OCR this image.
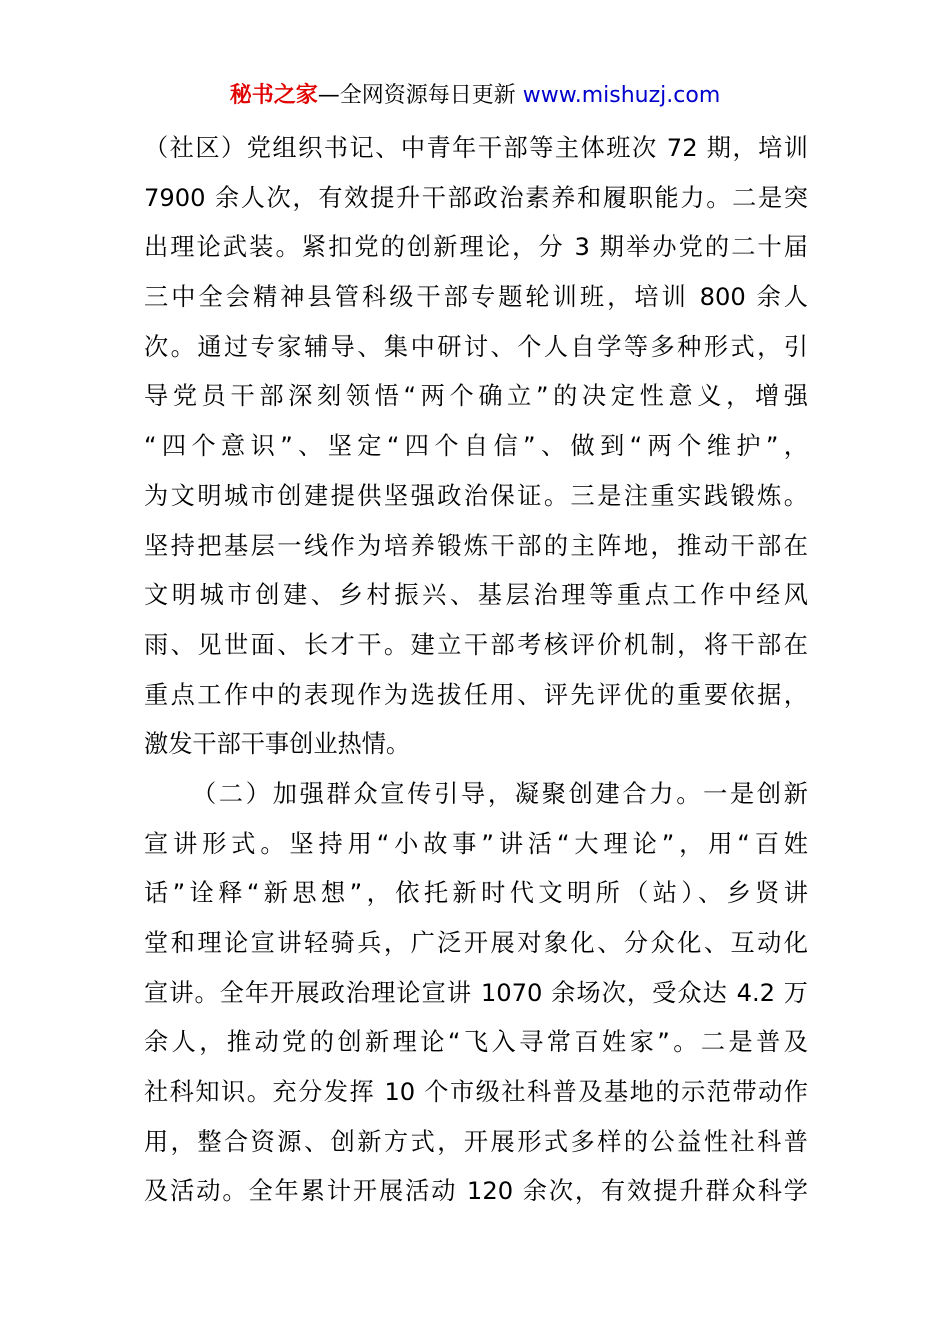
秘书之家—全网资源每日更新 www.mishuzj.com
（社区）党组织书记、中青年干部等主体班次 72 期，培训
7900 余人次，有效提升干部政治素养和履职能力。二是突
出理论武装。紧扣党的创新理论，分 3 期举办党的二十届
三中全会精神县管科级干部专题轮训班，培训 800 余人
次。通过专家辅导、集中研讨、个人自学等多种形式，引
导党员干部深刻领悟“两个确立”的决定性意义，增强
“四个意识”、坚定“四个自信”、做到“两个维护”，
为文明城市创建提供坚强政治保证。三是注重实践锻炼。
坚持把基层一线作为培养锻炼干部的主阵地，推动干部在
文明城市创建、乡村振兴、基层治理等重点工作中经风
雨、见世面、长才干。建立干部考核评价机制，将干部在
重点工作中的表现作为选拔任用、评先评优的重要依据，
激发干部干事创业热情。
（二）加强群众宣传引导，凝聚创建合力。一是创新
宣讲形式。坚持用“小故事”讲活“大理论”，用“百姓
话”诠释“新思想”，依托新时代文明所（站）、乡贤讲
堂和理论宣讲轻骑兵，广泛开展对象化、分众化、互动化
宣讲。全年开展政治理论宣讲 1070 余场次，受众达 4.2 万
余人，推动党的创新理论“飞入寻常百姓家”。二是普及
社科知识。充分发挥 10 个市级社科普及基地的示范带动作
用，整合资源、创新方式，开展形式多样的公益性社科普
及活动。全年累计开展活动 120 余次，有效提升群众科学
